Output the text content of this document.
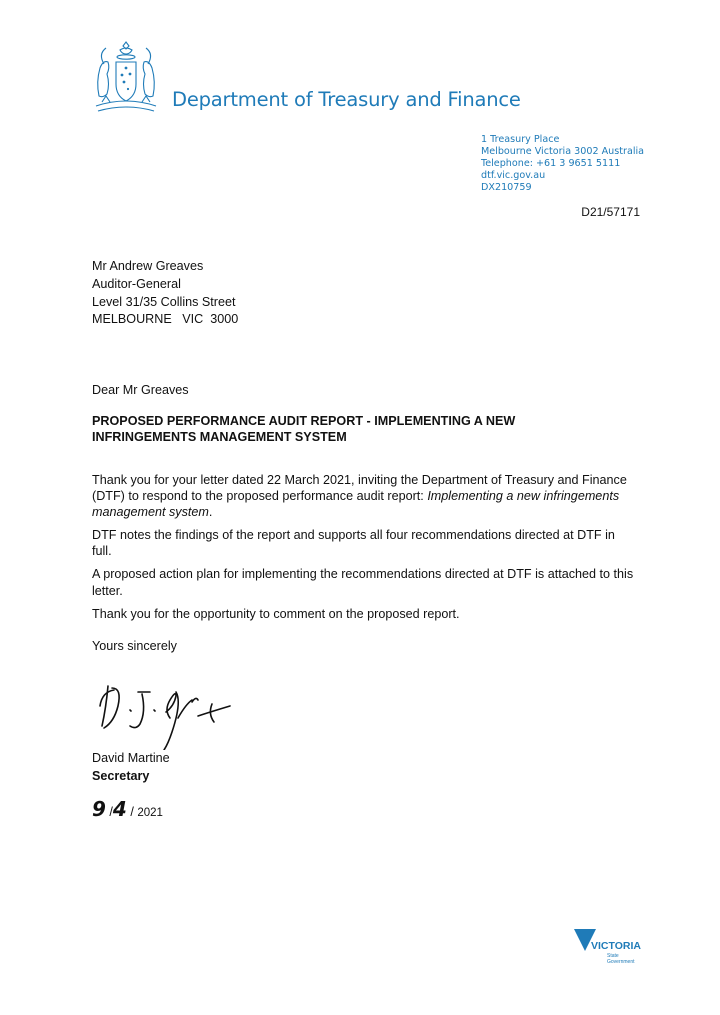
Department of Treasury and Finance
1 Treasury Place
Melbourne Victoria 3002 Australia
Telephone: +61 3 9651 5111
dtf.vic.gov.au
DX210759
D21/57171
Mr Andrew Greaves
Auditor-General
Level 31/35 Collins Street
MELBOURNE   VIC  3000
Dear Mr Greaves
PROPOSED PERFORMANCE AUDIT REPORT - IMPLEMENTING A NEW INFRINGEMENTS MANAGEMENT SYSTEM

Thank you for your letter dated 22 March 2021, inviting the Department of Treasury and Finance (DTF) to respond to the proposed performance audit report: Implementing a new infringements management system.

DTF notes the findings of the report and supports all four recommendations directed at DTF in full.

A proposed action plan for implementing the recommendations directed at DTF is attached to this letter.

Thank you for the opportunity to comment on the proposed report.

Yours sincerely
David Martine
Secretary
9 /4 / 2021
VICTORIA
State
Government
